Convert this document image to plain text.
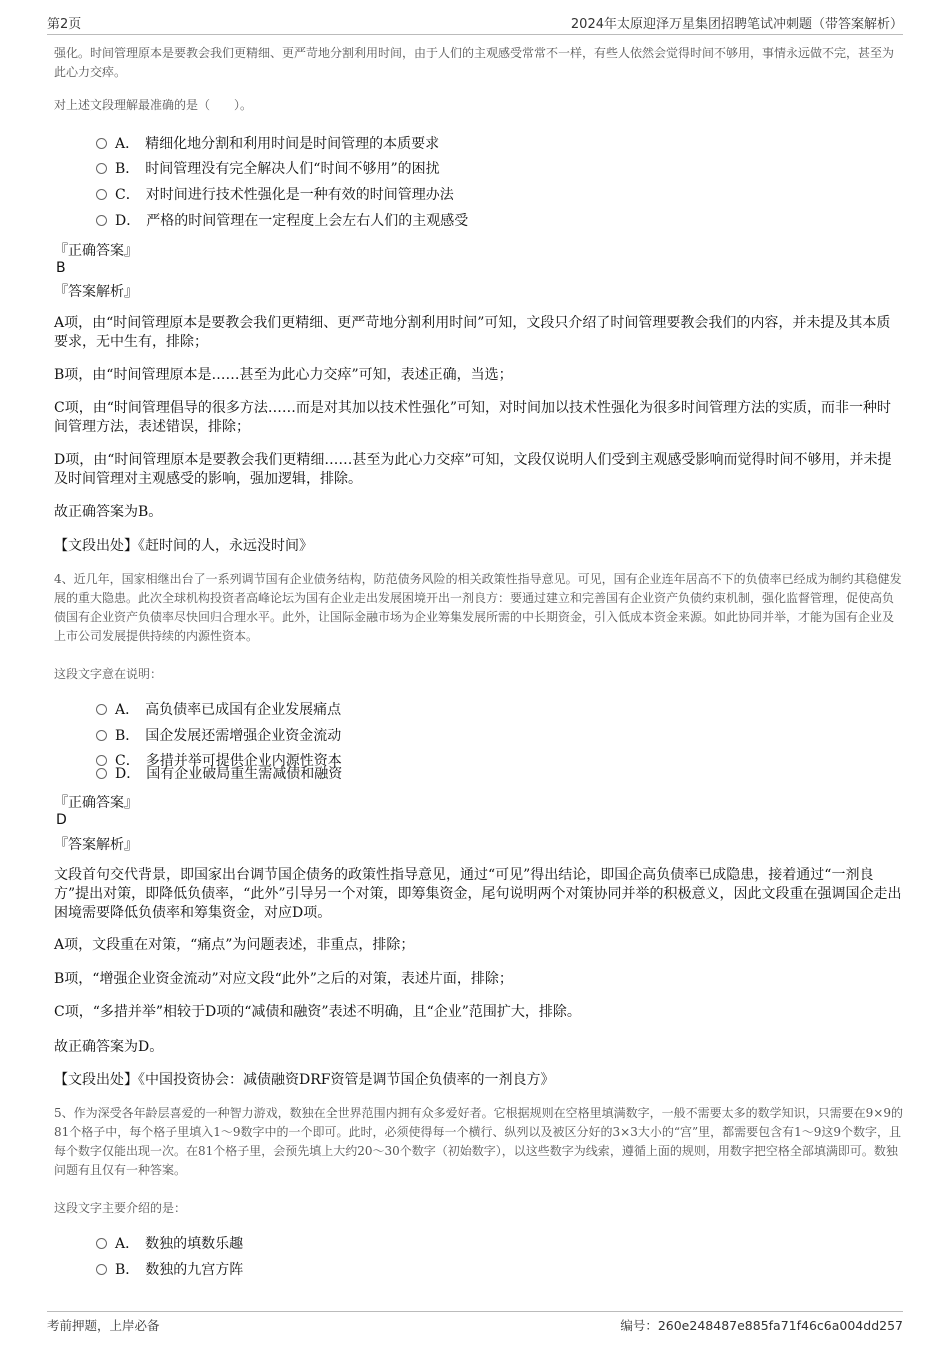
第2页	2024年太原迎泽万星集团招聘笔试冲刺题（带答案解析）

强化。时间管理原本是要教会我们更精细、更严苛地分割利用时间，由于人们的主观感受常常不一样，有些人依然会觉得时间不够用，事情永远做不完，甚至为此心力交瘁。

对上述文段理解最准确的是（　　）。

A． 精细化地分割和利用时间是时间管理的本质要求
B． 时间管理没有完全解决人们“时间不够用”的困扰
C． 对时间进行技术性强化是一种有效的时间管理办法
D． 严格的时间管理在一定程度上会左右人们的主观感受
『正确答案』
B
『答案解析』

A项，由“时间管理原本是要教会我们更精细、更严苛地分割利用时间”可知，文段只介绍了时间管理要教会我们的内容，并未提及其本质要求，无中生有，排除；

B项，由“时间管理原本是……甚至为此心力交瘁”可知，表述正确，当选；

C项，由“时间管理倡导的很多方法……而是对其加以技术性强化”可知，对时间加以技术性强化为很多时间管理方法的实质，而非一种时间管理方法，表述错误，排除；

D项，由“时间管理原本是要教会我们更精细……甚至为此心力交瘁”可知，文段仅说明人们受到主观感受影响而觉得时间不够用，并未提及时间管理对主观感受的影响，强加逻辑，排除。

故正确答案为B。

【文段出处】《赶时间的人，永远没时间》

4、近几年，国家相继出台了一系列调节国有企业债务结构，防范债务风险的相关政策性指导意见。可见，国有企业连年居高不下的负债率已经成为制约其稳健发展的重大隐患。此次全球机构投资者高峰论坛为国有企业走出发展困境开出一剂良方：要通过建立和完善国有企业资产负债约束机制，强化监督管理，促使高负债国有企业资产负债率尽快回归合理水平。此外，让国际金融市场为企业筹集发展所需的中长期资金，引入低成本资金来源。如此协同并举，才能为国有企业及上市公司发展提供持续的内源性资本。

这段文字意在说明：

A． 高负债率已成国有企业发展痛点
B． 国企发展还需增强企业资金流动
C． 多措并举可提供企业内源性资本
D． 国有企业破局重生需减债和融资
『正确答案』
D
『答案解析』

文段首句交代背景，即国家出台调节国企债务的政策性指导意见，通过“可见”得出结论，即国企高负债率已成隐患，接着通过“一剂良方”提出对策，即降低负债率，“此外”引导另一个对策，即筹集资金，尾句说明两个对策协同并举的积极意义，因此文段重在强调国企走出困境需要降低负债率和筹集资金，对应D项。

A项，文段重在对策，“痛点”为问题表述，非重点，排除；

B项，“增强企业资金流动”对应文段“此外”之后的对策，表述片面，排除；

C项，“多措并举”相较于D项的“减债和融资”表述不明确，且“企业”范围扩大，排除。

故正确答案为D。

【文段出处】《中国投资协会：减债融资DRF资管是调节国企负债率的一剂良方》

5、作为深受各年龄层喜爱的一种智力游戏，数独在全世界范围内拥有众多爱好者。它根据规则在空格里填满数字，一般不需要太多的数学知识，只需要在9×9的81个格子中，每个格子里填入1～9数字中的一个即可。此时，必须使得每一个横行、纵列以及被区分好的3×3大小的“宫”里，都需要包含有1～9这9个数字，且每个数字仅能出现一次。在81个格子里，会预先填上大约20～30个数字（初始数字），以这些数字为线索，遵循上面的规则，用数字把空格全部填满即可。数独问题有且仅有一种答案。

这段文字主要介绍的是：

A． 数独的填数乐趣
B． 数独的九宫方阵
考前押题，上岸必备	编号：260e248487e885fa71f46c6a004dd257
